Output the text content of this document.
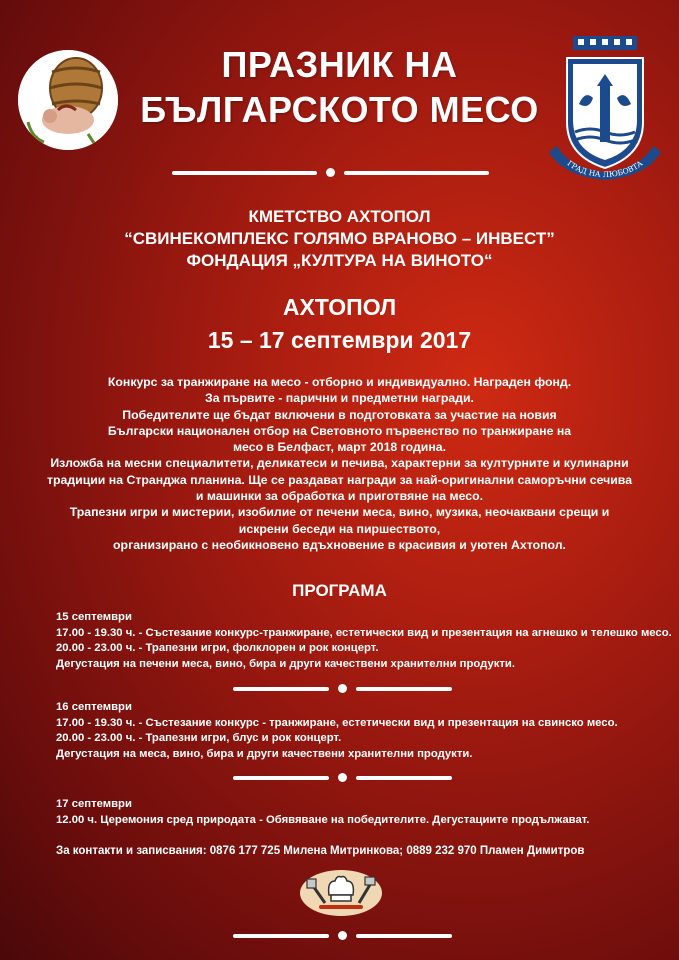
ПРАЗНИК НА
БЪЛГАРСКОТО МЕСО
ГРАД НА ЛЮБОВТА
КМЕТСТВО АХТОПОЛ
“СВИНЕКОМПЛЕКС ГОЛЯМО ВРАНОВО – ИНВЕСТ”
ФОНДАЦИЯ „КУЛТУРА НА ВИНОТО“
АХТОПОЛ
15 – 17 септември 2017
Конкурс за транжиране на месо - отборно и индивидуално. Награден фонд.
За първите - парични и предметни награди.
Победителите ще бъдат включени в подготовката за участие на новия
Български национален отбор на Световното първенство по транжиране на
месо в Белфаст, март 2018 година.
Изложба на месни специалитети, деликатеси и печива, характерни за културните и кулинарни
традиции на Странджа планина. Ще се раздават награди за най-оригинални саморъчни сечива
и машинки за обработка и приготвяне на месо.
Трапезни игри и мистерии, изобилие от печени меса, вино, музика, неочаквани срещи и
искрени беседи на пиршеството,
организирано с необикновено вдъхновение в красивия и уютен Ахтопол.
ПРОГРАМА
15 септември
17.00 - 19.30 ч. - Състезание конкурс-транжиране, естетически вид и презентация на агнешко и телешко месо.
20.00 - 23.00 ч. - Трапезни игри, фолклорен и рок концерт.
Дегустация на печени меса, вино, бира и други качествени хранителни продукти.
16 септември
17.00 - 19.30 ч. - Състезание конкурс - транжиране, естетически вид и презентация на свинско месо.
20.00 - 23.00 ч. - Трапезни игри, блус и рок концерт.
Дегустация на меса, вино, бира и други качествени хранителни продукти.
17 септември
12.00 ч. Церемония сред природата - Обявяване на победителите. Дегустациите продължават.
За контакти и записвания: 0876 177 725 Милена Митринкова; 0889 232 970 Пламен Димитров
